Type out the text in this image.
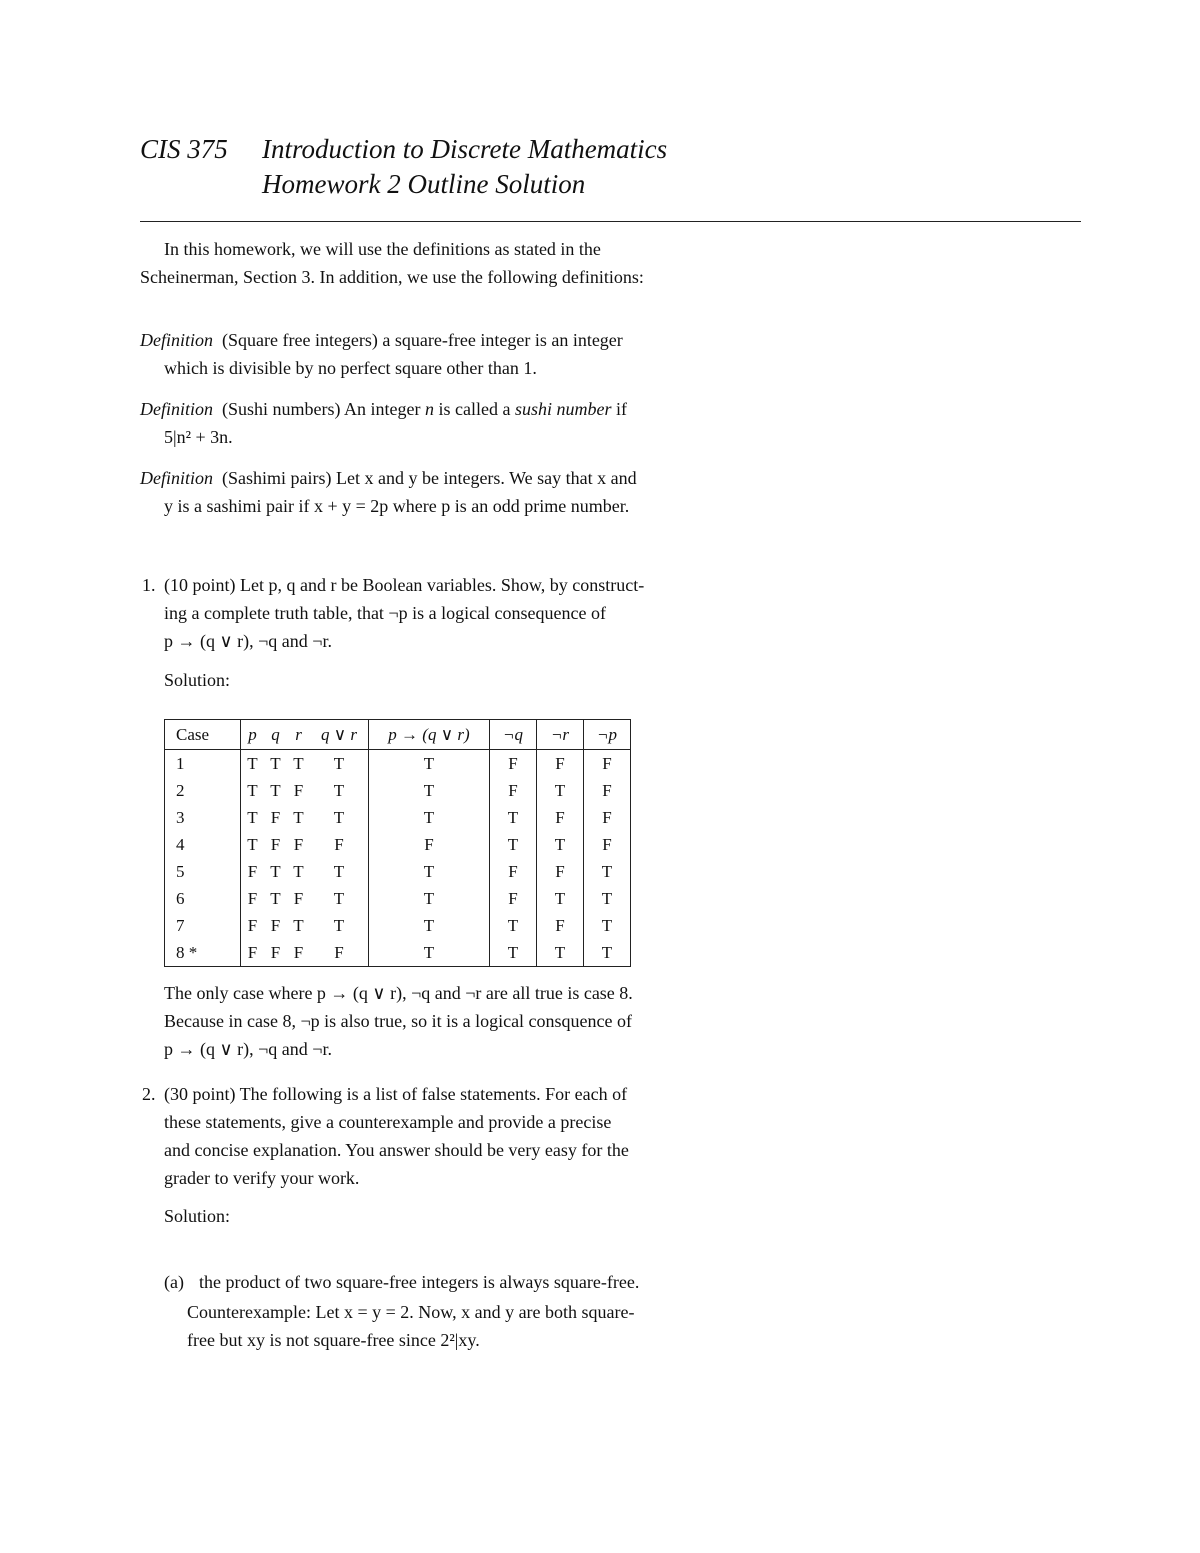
CIS 375 Introduction to Discrete Mathematics
Homework 2 Outline Solution
In this homework, we will use the definitions as stated in the
Scheinerman, Section 3. In addition, we use the following definitions:
Definition (Square free integers) a square-free integer is an integer
which is divisible by no perfect square other than 1.
Definition (Sushi numbers) An integer n is called a sushi number if
5|n² + 3n.
Definition (Sashimi pairs) Let x and y be integers. We say that x and
y is a sashimi pair if x + y = 2p where p is an odd prime number.
1. (10 point) Let p, q and r be Boolean variables. Show, by construct-
ing a complete truth table, that ¬p is a logical consequence of
p → (q ∨ r), ¬q and ¬r.
Solution:
Case	p	q	r	q ∨ r	p → (q ∨ r)	¬q	¬r	¬p
1	T	T	T	T	T	F	F	F
2	T	T	F	T	T	F	T	F
3	T	F	T	T	T	T	F	F
4	T	F	F	F	F	T	T	F
5	F	T	T	T	T	F	F	T
6	F	T	F	T	T	F	T	T
7	F	F	T	T	T	T	F	T
8 *	F	F	F	F	T	T	T	T
The only case where p → (q ∨ r), ¬q and ¬r are all true is case 8.
Because in case 8, ¬p is also true, so it is a logical consquence of
p → (q ∨ r), ¬q and ¬r.
2. (30 point) The following is a list of false statements. For each of
these statements, give a counterexample and provide a precise
and concise explanation. You answer should be very easy for the
grader to verify your work.
Solution:
(a) the product of two square-free integers is always square-free.
Counterexample: Let x = y = 2. Now, x and y are both square-
free but xy is not square-free since 2²|xy.
